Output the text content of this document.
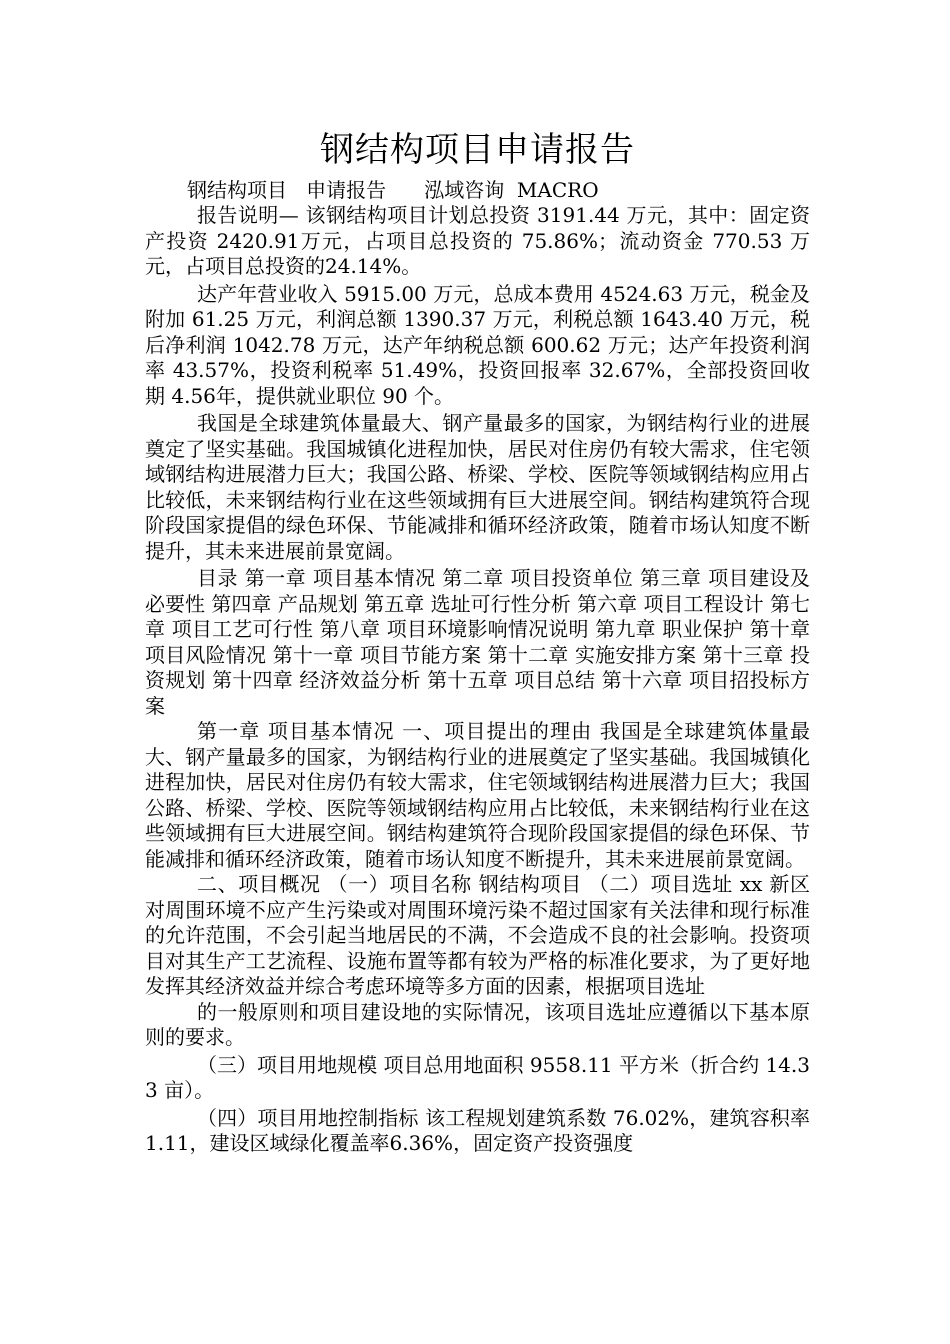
钢结构项目申请报告
钢结构项目   申请报告      泓域咨询  MACRO

报告说明— 该钢结构项目计划总投资 3191.44 万元，其中：固定资产投资 2420.91万元，占项目总投资的 75.86%；流动资金 770.53 万元，占项目总投资的24.14%。

达产年营业收入 5915.00 万元，总成本费用 4524.63 万元，税金及附加 61.25 万元，利润总额 1390.37 万元，利税总额 1643.40 万元，税后净利润 1042.78 万元，达产年纳税总额 600.62 万元；达产年投资利润率 43.57%，投资利税率 51.49%，投资回报率 32.67%，全部投资回收期 4.56年，提供就业职位 90 个。

我国是全球建筑体量最大、钢产量最多的国家，为钢结构行业的进展奠定了坚实基础。我国城镇化进程加快，居民对住房仍有较大需求，住宅领域钢结构进展潜力巨大；我国公路、桥梁、学校、医院等领域钢结构应用占比较低，未来钢结构行业在这些领域拥有巨大进展空间。钢结构建筑符合现阶段国家提倡的绿色环保、节能减排和循环经济政策，随着市场认知度不断提升，其未来进展前景宽阔。

目录 第一章 项目基本情况 第二章 项目投资单位 第三章 项目建设及必要性 第四章 产品规划 第五章 选址可行性分析 第六章 项目工程设计 第七章 项目工艺可行性 第八章 项目环境影响情况说明 第九章 职业保护 第十章 项目风险情况 第十一章 项目节能方案 第十二章 实施安排方案 第十三章 投资规划 第十四章 经济效益分析 第十五章 项目总结 第十六章 项目招投标方案

第一章 项目基本情况 一、项目提出的理由 我国是全球建筑体量最大、钢产量最多的国家，为钢结构行业的进展奠定了坚实基础。我国城镇化进程加快，居民对住房仍有较大需求，住宅领域钢结构进展潜力巨大；我国公路、桥梁、学校、医院等领域钢结构应用占比较低，未来钢结构行业在这些领域拥有巨大进展空间。钢结构建筑符合现阶段国家提倡的绿色环保、节能减排和循环经济政策，随着市场认知度不断提升，其未来进展前景宽阔。

二、项目概况 （一）项目名称 钢结构项目 （二）项目选址 xx 新区 对周围环境不应产生污染或对周围环境污染不超过国家有关法律和现行标准的允许范围，不会引起当地居民的不满，不会造成不良的社会影响。投资项目对其生产工艺流程、设施布置等都有较为严格的标准化要求，为了更好地发挥其经济效益并综合考虑环境等多方面的因素，根据项目选址

的一般原则和项目建设地的实际情况，该项目选址应遵循以下基本原则的要求。

（三）项目用地规模 项目总用地面积 9558.11 平方米（折合约 14.33 亩）。

（四）项目用地控制指标 该工程规划建筑系数 76.02%，建筑容积率 1.11，建设区域绿化覆盖率6.36%，固定资产投资强度
